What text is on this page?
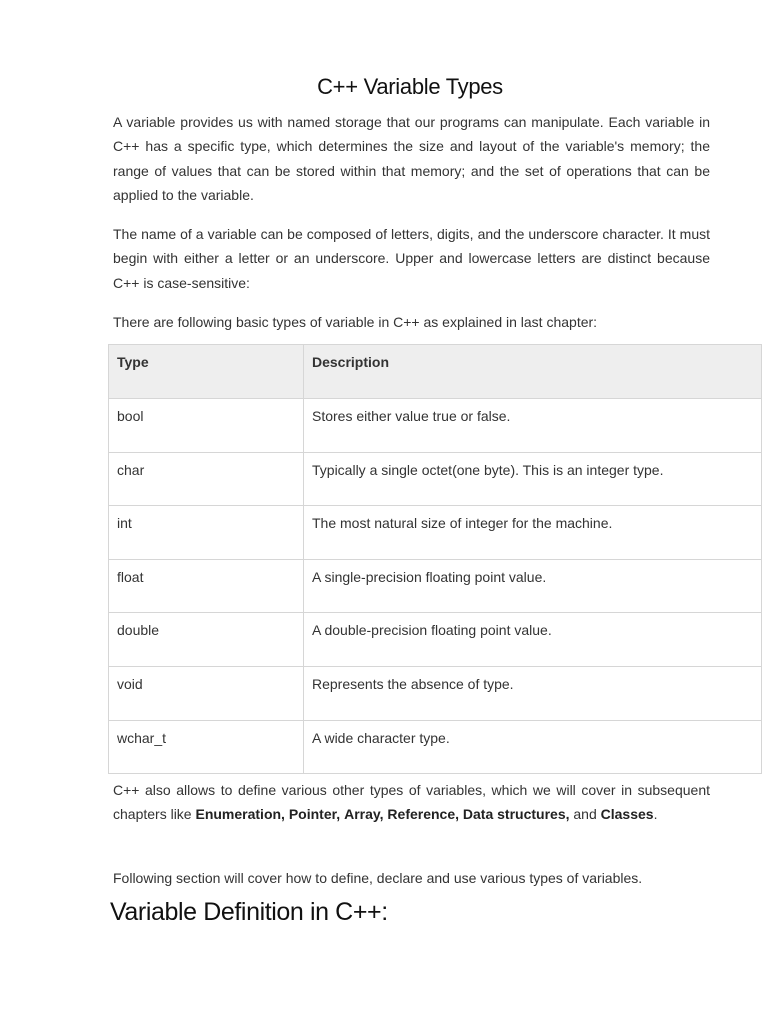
C++ Variable Types

A variable provides us with named storage that our programs can manipulate. Each variable in C++ has a specific type, which determines the size and layout of the variable's memory; the range of values that can be stored within that memory; and the set of operations that can be applied to the variable.

The name of a variable can be composed of letters, digits, and the underscore character. It must begin with either a letter or an underscore. Upper and lowercase letters are distinct because C++ is case-sensitive:

There are following basic types of variable in C++ as explained in last chapter:

Type	Description
bool	Stores either value true or false.
char	Typically a single octet(one byte). This is an integer type.
int	The most natural size of integer for the machine.
float	A single-precision floating point value.
double	A double-precision floating point value.
void	Represents the absence of type.
wchar_t	A wide character type.

C++ also allows to define various other types of variables, which we will cover in subsequent chapters like Enumeration, Pointer, Array, Reference, Data structures, and Classes.

Following section will cover how to define, declare and use various types of variables.

Variable Definition in C++:
